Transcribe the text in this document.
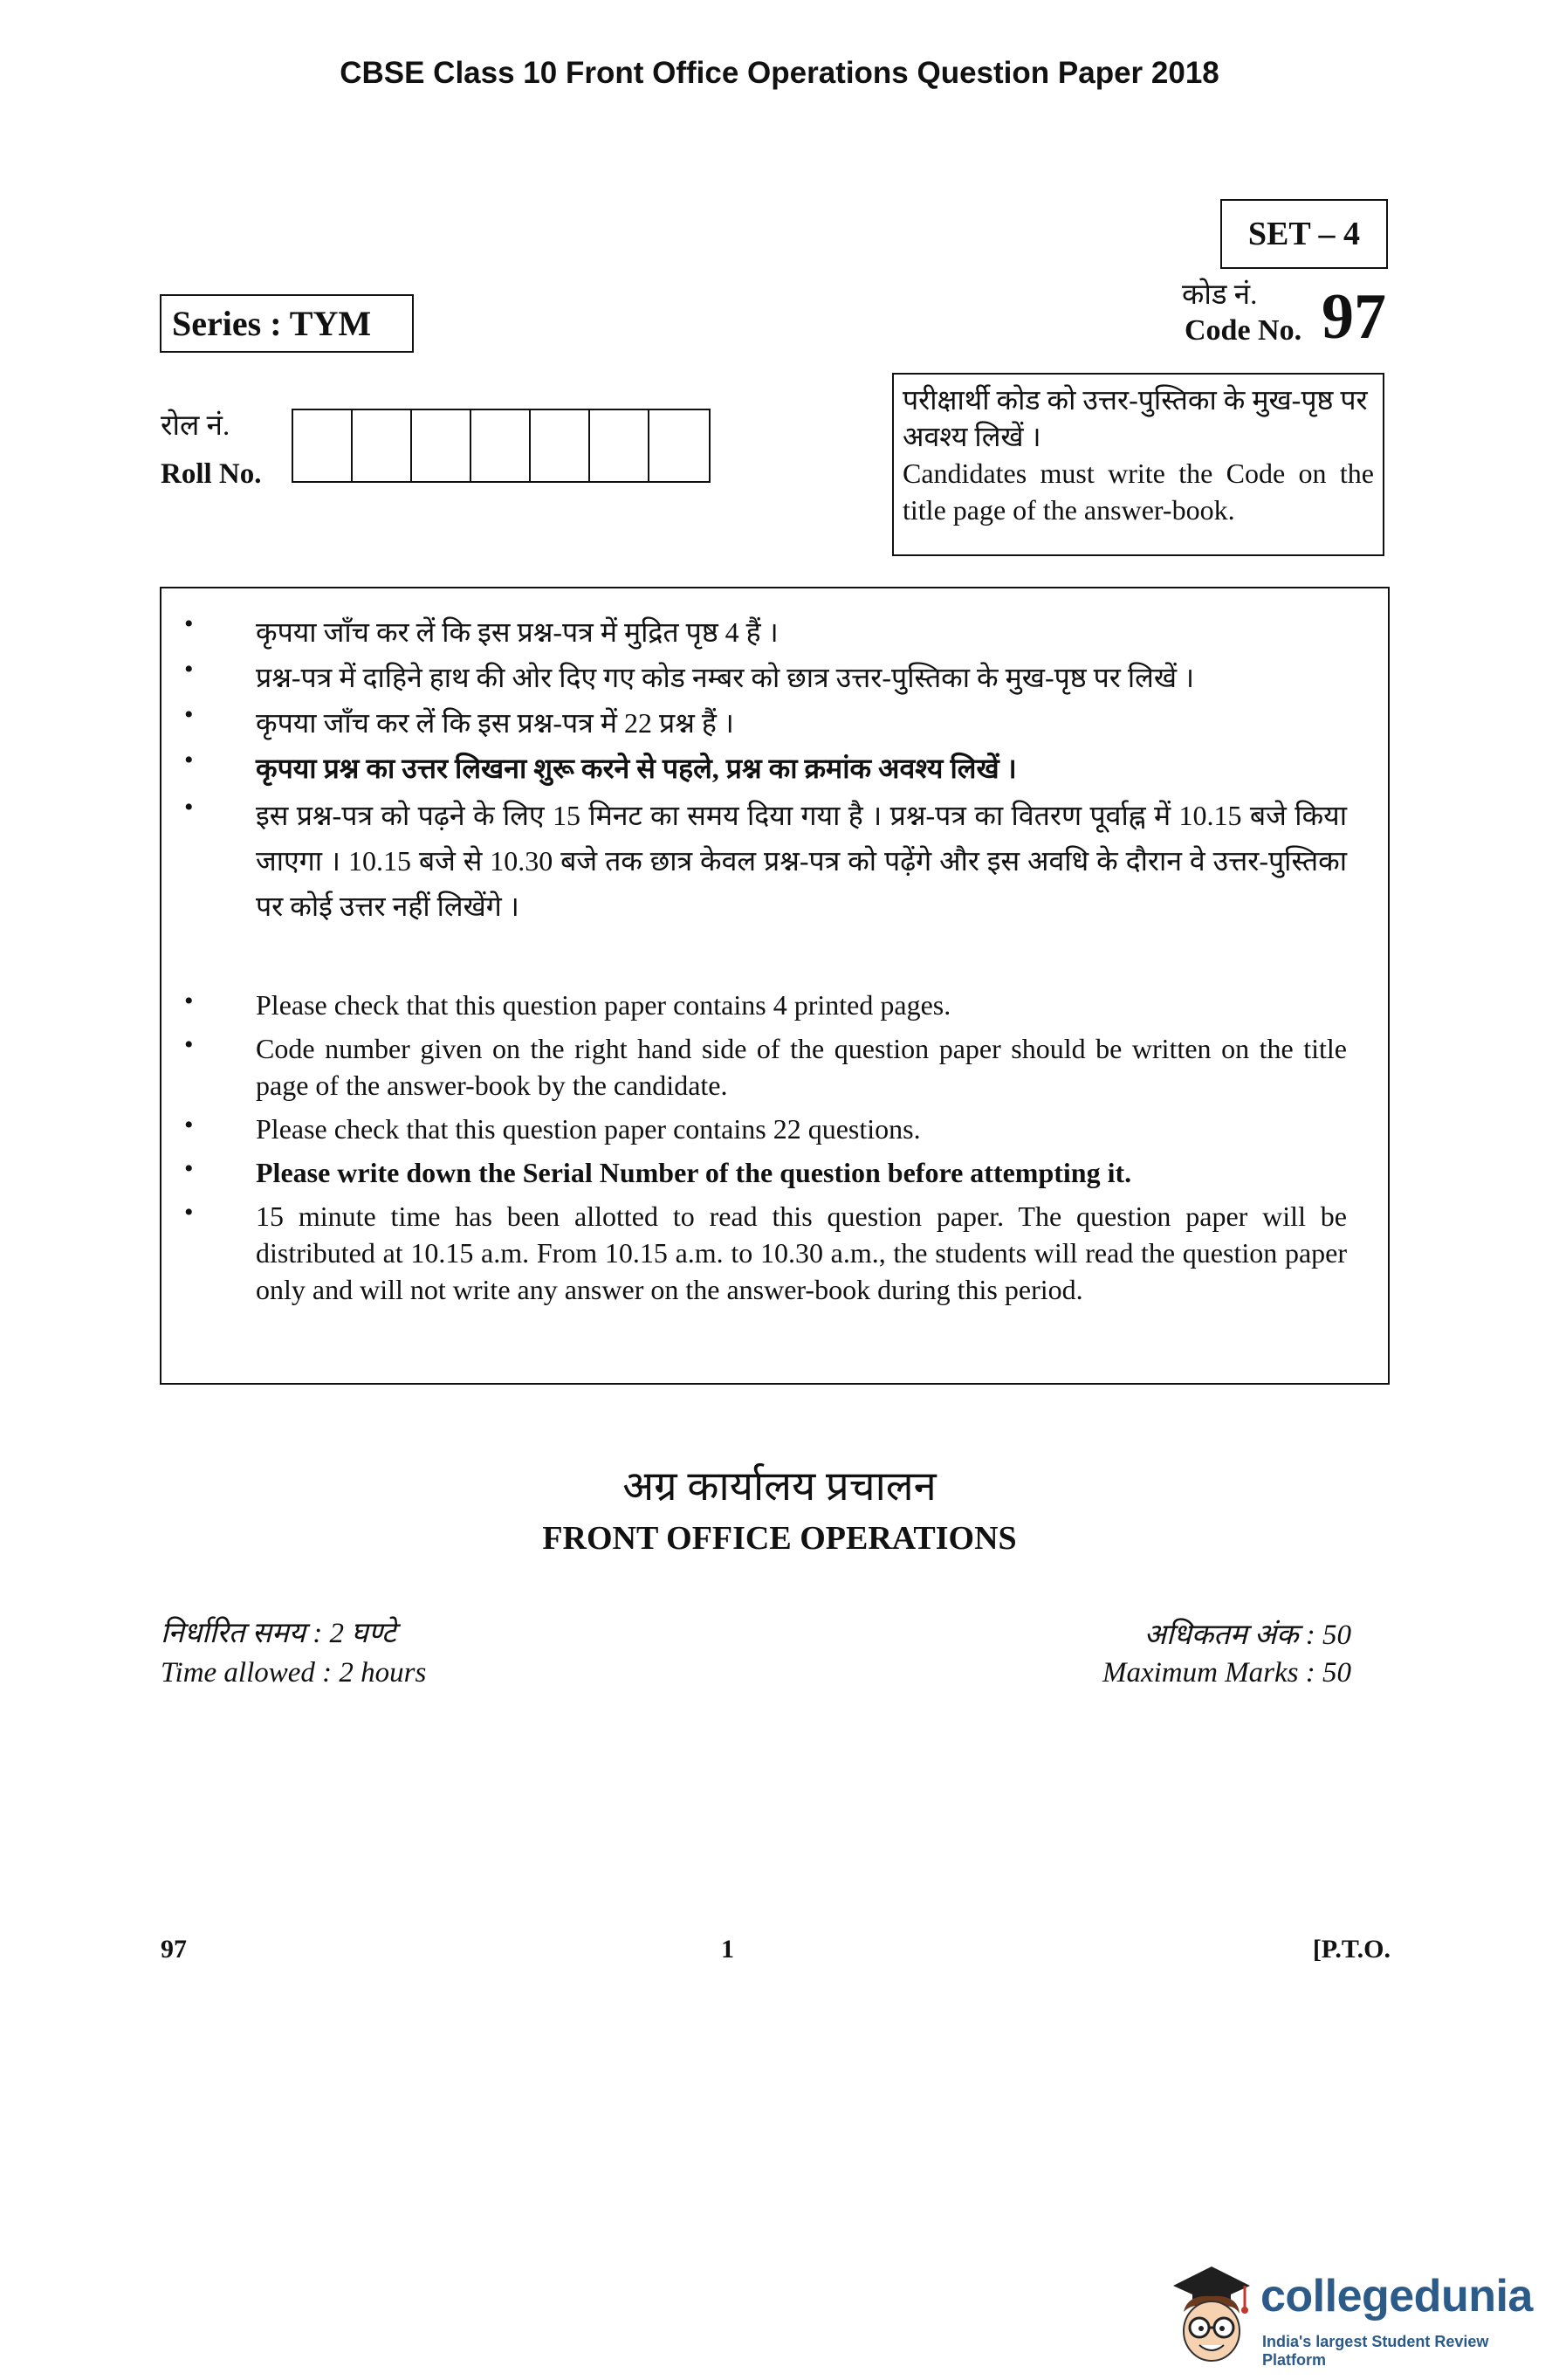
CBSE Class 10 Front Office Operations Question Paper 2018
SET – 4
कोड नं.
Code No. 97
Series : TYM
रोल नं.
Roll No.
परीक्षार्थी कोड को उत्तर-पुस्तिका के मुख-पृष्ठ पर अवश्य लिखें ।
Candidates must write the Code on the title page of the answer-book.
• कृपया जाँच कर लें कि इस प्रश्न-पत्र में मुद्रित पृष्ठ 4 हैं ।
• प्रश्न-पत्र में दाहिने हाथ की ओर दिए गए कोड नम्बर को छात्र उत्तर-पुस्तिका के मुख-पृष्ठ पर लिखें ।
• कृपया जाँच कर लें कि इस प्रश्न-पत्र में 22 प्रश्न हैं ।
• कृपया प्रश्न का उत्तर लिखना शुरू करने से पहले, प्रश्न का क्रमांक अवश्य लिखें ।
• इस प्रश्न-पत्र को पढ़ने के लिए 15 मिनट का समय दिया गया है । प्रश्न-पत्र का वितरण पूर्वाह्न में 10.15 बजे किया जाएगा । 10.15 बजे से 10.30 बजे तक छात्र केवल प्रश्न-पत्र को पढ़ेंगे और इस अवधि के दौरान वे उत्तर-पुस्तिका पर कोई उत्तर नहीं लिखेंगे ।
• Please check that this question paper contains 4 printed pages.
• Code number given on the right hand side of the question paper should be written on the title page of the answer-book by the candidate.
• Please check that this question paper contains 22 questions.
• Please write down the Serial Number of the question before attempting it.
• 15 minute time has been allotted to read this question paper. The question paper will be distributed at 10.15 a.m. From 10.15 a.m. to 10.30 a.m., the students will read the question paper only and will not write any answer on the answer-book during this period.
अग्र कार्यालय प्रचालन
FRONT OFFICE OPERATIONS
निर्धारित समय : 2 घण्टे
Time allowed : 2 hours
अधिकतम अंक : 50
Maximum Marks : 50
97	1	[P.T.O.
collegedunia
India's largest Student Review Platform
